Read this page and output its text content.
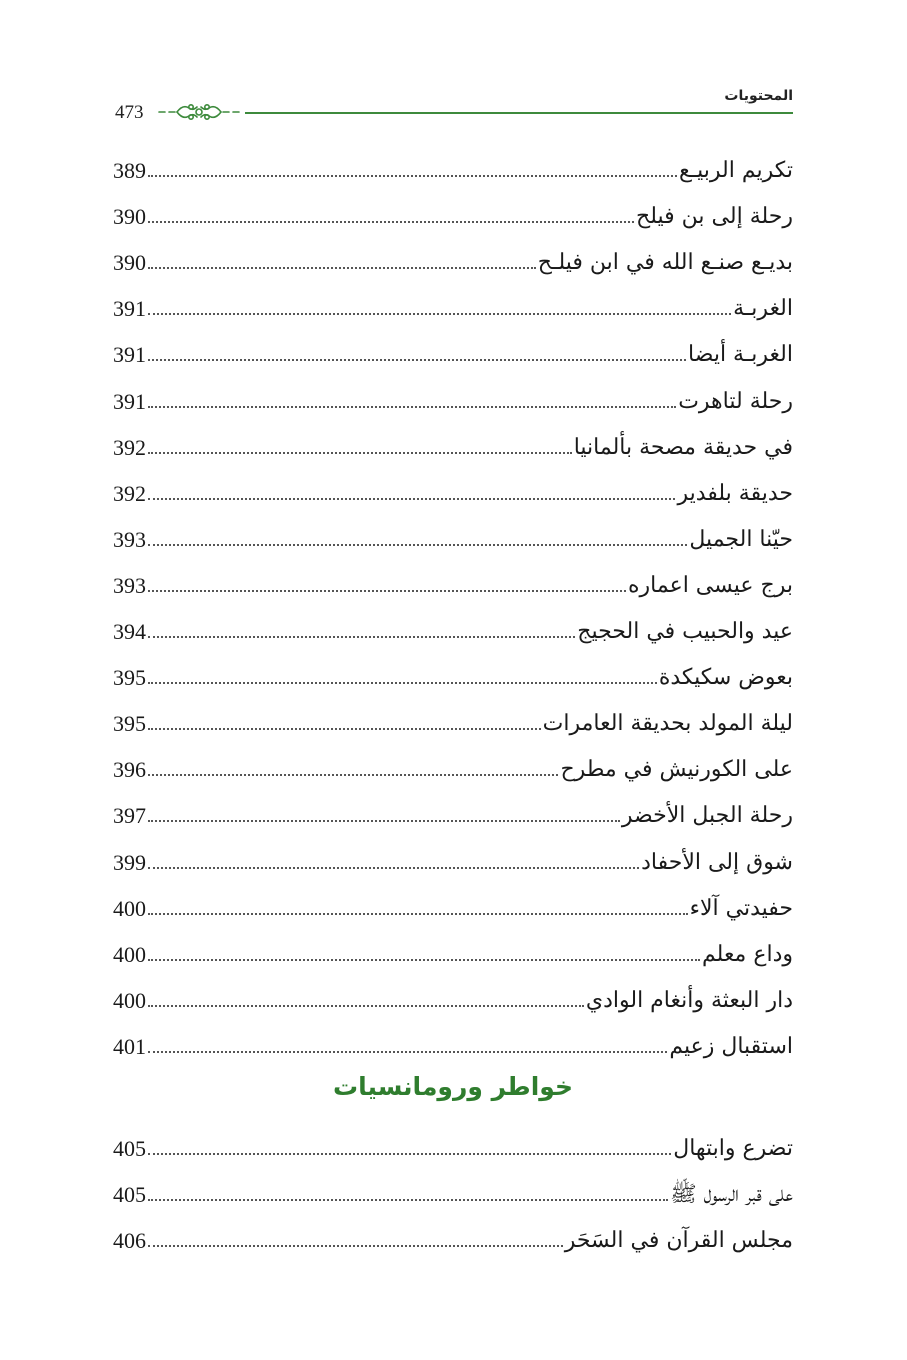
المحتويات
473
تكريم الربيـع
389
رحلة إلى بن فيلح
390
بديـع صنـع الله في ابن فيلـح
390
الغربـة
391
الغربـة أيضا
391
رحلة لتاهرت
391
في حديقة مصحة بألمانيا
392
حديقة بلفدير
392
حيّنا الجميل
393
برج عيسى اعماره
393
عيد والحبيب في الحجيج
394
بعوض سكيكدة
395
ليلة المولد بحديقة العامرات
395
على الكورنيش في مطرح
396
رحلة الجبل الأخضر
397
شوق إلى الأحفاد
399
حفيدتي آلاء
400
وداع معلم
400
دار البعثة وأنغام الوادي
400
استقبال زعيم
401
خواطر ورومانسيات
تضرع وابتهال
405
على قبر الرسول ﷺ
405
مجلس القرآن في السَحَر
406
